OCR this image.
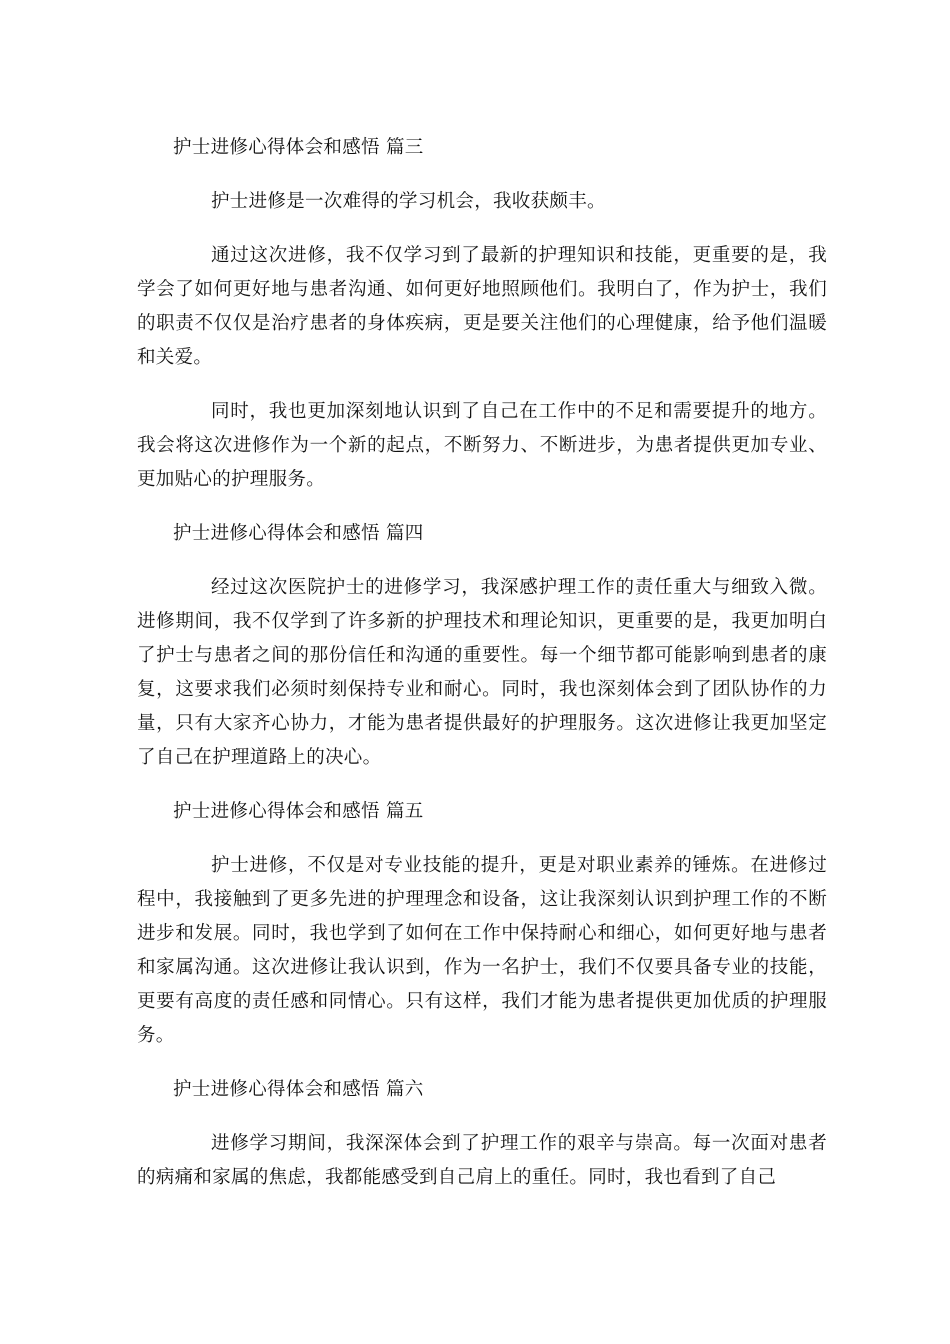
护士进修心得体会和感悟 篇三

护士进修是一次难得的学习机会，我收获颇丰。

通过这次进修，我不仅学习到了最新的护理知识和技能，更重要的是，我学会了如何更好地与患者沟通、如何更好地照顾他们。我明白了，作为护士，我们的职责不仅仅是治疗患者的身体疾病，更是要关注他们的心理健康，给予他们温暖和关爱。

同时，我也更加深刻地认识到了自己在工作中的不足和需要提升的地方。我会将这次进修作为一个新的起点，不断努力、不断进步，为患者提供更加专业、更加贴心的护理服务。

护士进修心得体会和感悟 篇四

经过这次医院护士的进修学习，我深感护理工作的责任重大与细致入微。进修期间，我不仅学到了许多新的护理技术和理论知识，更重要的是，我更加明白了护士与患者之间的那份信任和沟通的重要性。每一个细节都可能影响到患者的康复，这要求我们必须时刻保持专业和耐心。同时，我也深刻体会到了团队协作的力量，只有大家齐心协力，才能为患者提供最好的护理服务。这次进修让我更加坚定了自己在护理道路上的决心。

护士进修心得体会和感悟 篇五

护士进修，不仅是对专业技能的提升，更是对职业素养的锤炼。在进修过程中，我接触到了更多先进的护理理念和设备，这让我深刻认识到护理工作的不断进步和发展。同时，我也学到了如何在工作中保持耐心和细心，如何更好地与患者和家属沟通。这次进修让我认识到，作为一名护士，我们不仅要具备专业的技能，更要有高度的责任感和同情心。只有这样，我们才能为患者提供更加优质的护理服务。

护士进修心得体会和感悟 篇六

进修学习期间，我深深体会到了护理工作的艰辛与崇高。每一次面对患者的病痛和家属的焦虑，我都能感受到自己肩上的重任。同时，我也看到了自己
